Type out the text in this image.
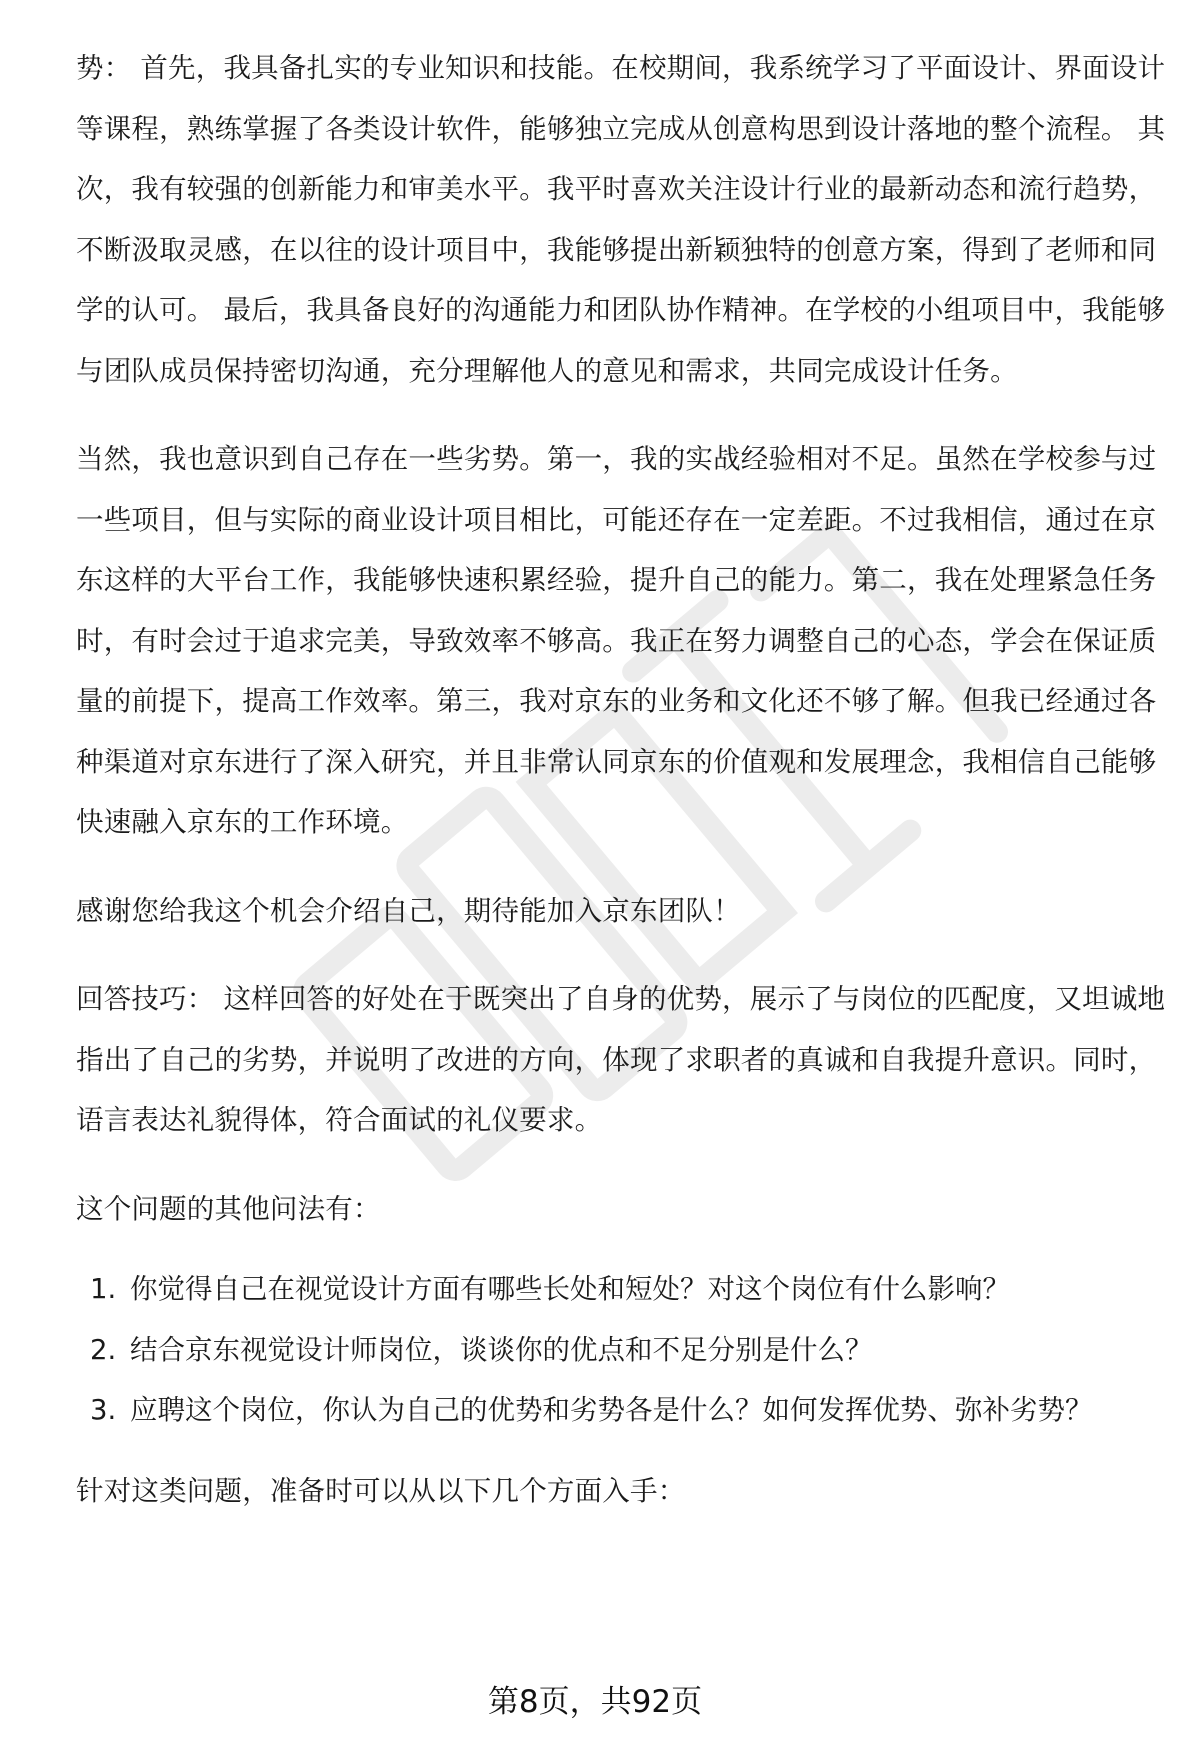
势： 首先，我具备扎实的专业知识和技能。在校期间，我系统学习了平面设计、界面设计等课程，熟练掌握了各类设计软件，能够独立完成从创意构思到设计落地的整个流程。 其次，我有较强的创新能力和审美水平。我平时喜欢关注设计行业的最新动态和流行趋势，不断汲取灵感，在以往的设计项目中，我能够提出新颖独特的创意方案，得到了老师和同学的认可。 最后，我具备良好的沟通能力和团队协作精神。在学校的小组项目中，我能够与团队成员保持密切沟通，充分理解他人的意见和需求，共同完成设计任务。

当然，我也意识到自己存在一些劣势。第一，我的实战经验相对不足。虽然在学校参与过一些项目，但与实际的商业设计项目相比，可能还存在一定差距。不过我相信，通过在京东这样的大平台工作，我能够快速积累经验，提升自己的能力。第二，我在处理紧急任务时，有时会过于追求完美，导致效率不够高。我正在努力调整自己的心态，学会在保证质量的前提下，提高工作效率。第三，我对京东的业务和文化还不够了解。但我已经通过各种渠道对京东进行了深入研究，并且非常认同京东的价值观和发展理念，我相信自己能够快速融入京东的工作环境。

感谢您给我这个机会介绍自己，期待能加入京东团队！

回答技巧： 这样回答的好处在于既突出了自身的优势，展示了与岗位的匹配度，又坦诚地指出了自己的劣势，并说明了改进的方向，体现了求职者的真诚和自我提升意识。同时，语言表达礼貌得体，符合面试的礼仪要求。

这个问题的其他问法有：

1. 你觉得自己在视觉设计方面有哪些长处和短处？对这个岗位有什么影响？
2. 结合京东视觉设计师岗位，谈谈你的优点和不足分别是什么？
3. 应聘这个岗位，你认为自己的优势和劣势各是什么？如何发挥优势、弥补劣势？

针对这类问题，准备时可以从以下几个方面入手：

第8页，共92页
